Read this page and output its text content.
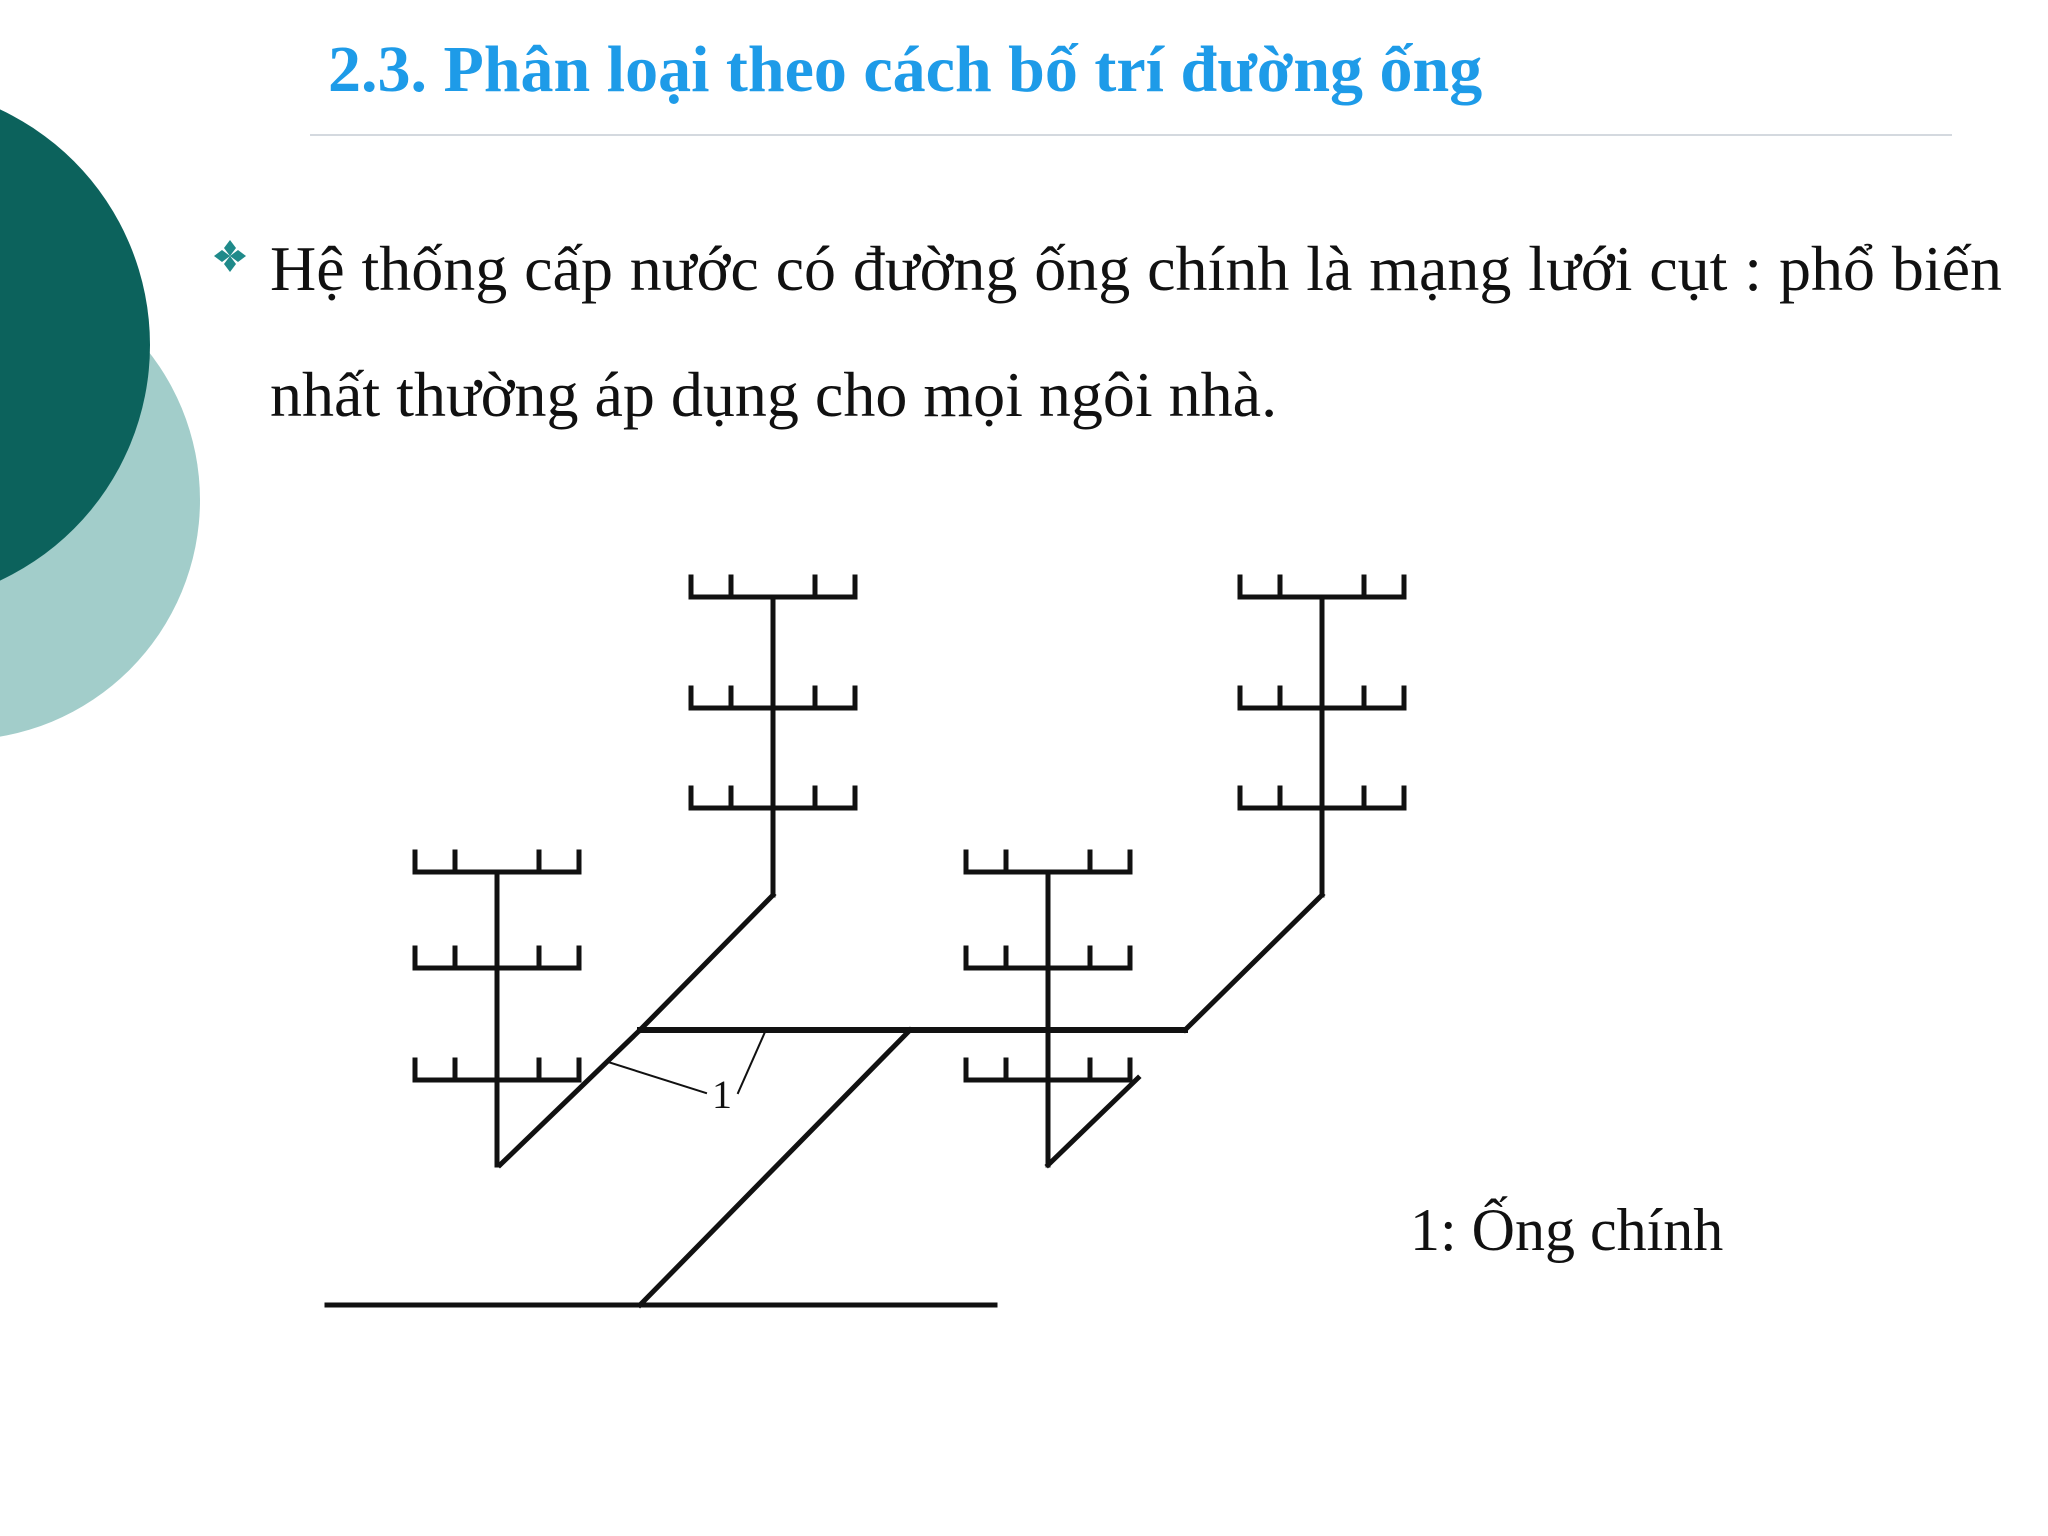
2.3. Phân loại theo cách bố trí đường ống

Hệ thống cấp nước có đường ống chính là mạng lưới cụt : phổ biến nhất thường áp dụng cho mọi ngôi nhà.

1
1: Ống chính
